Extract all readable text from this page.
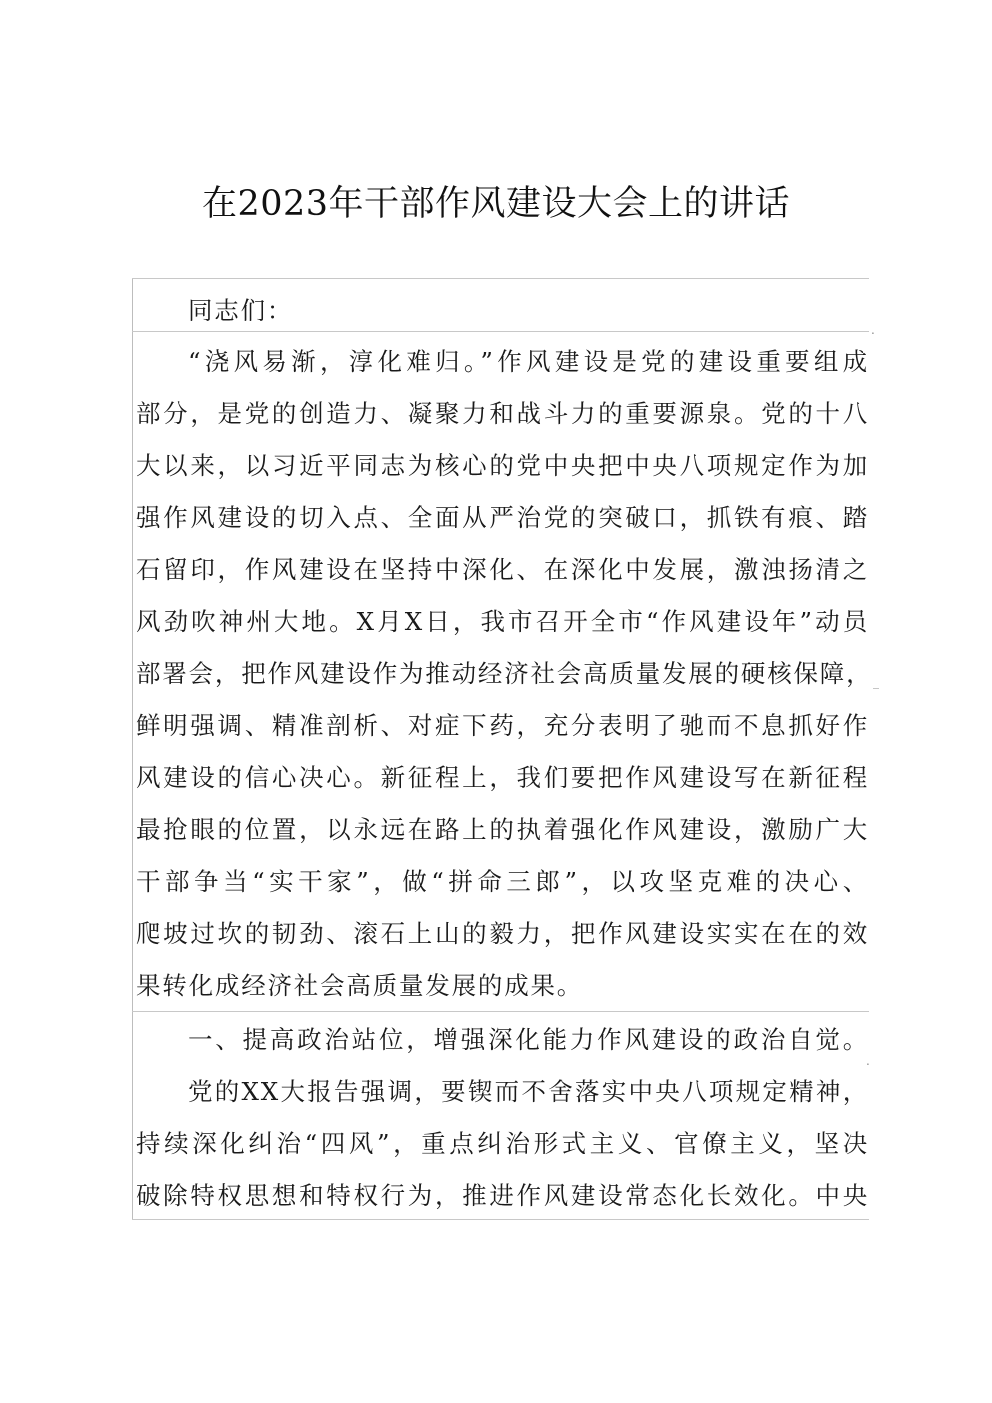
在2023年干部作风建设大会上的讲话
同志们：
“浇风易渐，淳化难归。”作风建设是党的建设重要组成
部分，是党的创造力、凝聚力和战斗力的重要源泉。党的十八
大以来，以习近平同志为核心的党中央把中央八项规定作为加
强作风建设的切入点、全面从严治党的突破口，抓铁有痕、踏
石留印，作风建设在坚持中深化、在深化中发展，激浊扬清之
风劲吹神州大地。X月X日，我市召开全市“作风建设年”动员
部署会，把作风建设作为推动经济社会高质量发展的硬核保障，
鲜明强调、精准剖析、对症下药，充分表明了驰而不息抓好作
风建设的信心决心。新征程上，我们要把作风建设写在新征程
最抢眼的位置，以永远在路上的执着强化作风建设，激励广大
干部争当“实干家”，做“拼命三郎”，以攻坚克难的决心、
爬坡过坎的韧劲、滚石上山的毅力，把作风建设实实在在的效
果转化成经济社会高质量发展的成果。
一、提高政治站位，增强深化能力作风建设的政治自觉。
党的XX大报告强调，要锲而不舍落实中央八项规定精神，
持续深化纠治“四风”，重点纠治形式主义、官僚主义，坚决
破除特权思想和特权行为，推进作风建设常态化长效化。中央
.
_
.
